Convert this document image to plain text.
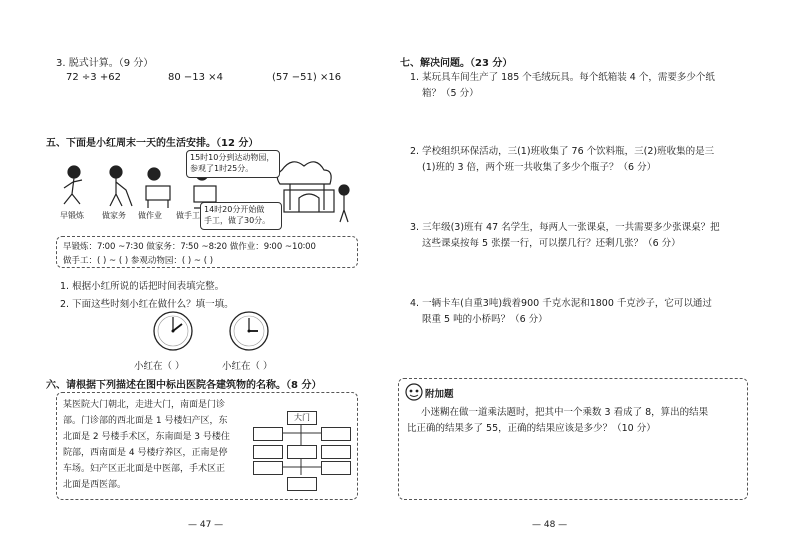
3. 脱式计算。（9 分）
72 ÷3 +62	80 −13 ×4	(57 −51) ×16
五、下面是小红周末一天的生活安排。（12 分）
15时10分到达动物园，
参观了1时25分。
14时20分开始做
手工，做了30分。
早锻炼 做家务 做作业 做手工
早锻炼：7∶00 ~7∶30 做家务：7∶50 ~8∶20 做作业：9∶00 ~10∶00
做手工：( ) ~ ( ) 参观动物园：( ) ~ ( )
1. 根据小红所说的话把时间表填完整。
2. 下面这些时刻小红在做什么？填一填。
小红在（ ）	小红在（ ）
六、请根据下列描述在图中标出医院各建筑物的名称。（8 分）
某医院大门朝北，走进大门，南面是门诊
部。门诊部的西北面是 1 号楼妇产区，东
北面是 2 号楼手术区，东南面是 3 号楼住
院部，西南面是 4 号楼疗养区，正南是停
车场。妇产区正北面是中医部，手术区正
北面是西医部。
大门
— 47 —
七、解决问题。（23 分）
1. 某玩具车间生产了 185 个毛绒玩具。每个纸箱装 4 个，需要多少个纸
箱？（5 分）
2. 学校组织环保活动，三(1)班收集了 76 个饮料瓶，三(2)班收集的是三
(1)班的 3 倍，两个班一共收集了多少个瓶子？（6 分）
3. 三年级(3)班有 47 名学生，每两人一张课桌，一共需要多少张课桌？把
这些课桌按每 5 张摆一行，可以摆几行？还剩几张？（6 分）
4. 一辆卡车(自重3吨)载着900 千克水泥和1800 千克沙子，它可以通过
限重 5 吨的小桥吗？（6 分）
附加题
小迷糊在做一道乘法题时，把其中一个乘数 3 看成了 8，算出的结果
比正确的结果多了 55，正确的结果应该是多少？（10 分）
— 48 —
